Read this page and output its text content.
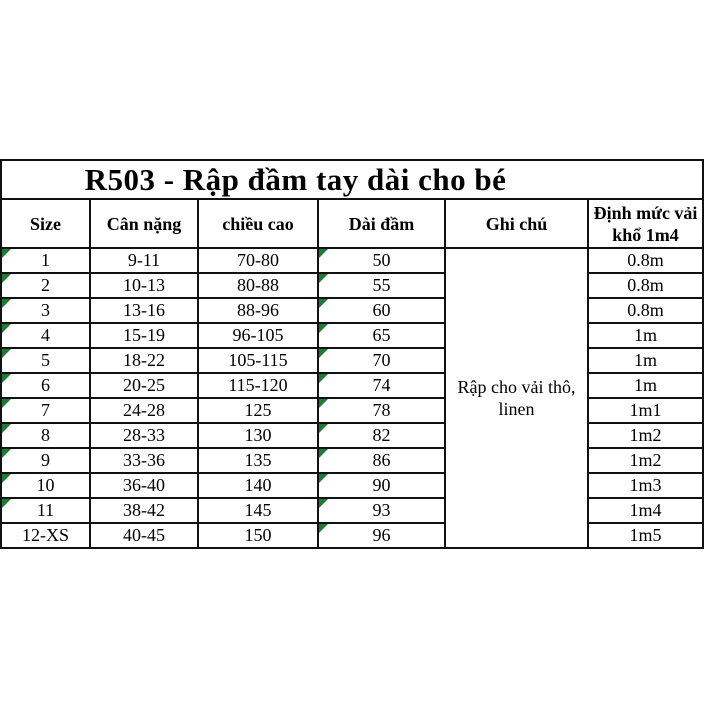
R503 - Rập đầm tay dài cho bé					

Size	Cân nặng	chiều cao	Dài đầm	Ghi chú	Định mức vải khổ 1m4

1	9-11	70-80	50	Rập cho vải thô, linen	0.8m

2	10-13	80-88	55		0.8m

3	13-16	88-96	60		0.8m

4	15-19	96-105	65		1m

5	18-22	105-115	70		1m

6	20-25	115-120	74		1m

7	24-28	125	78		1m1

8	28-33	130	82		1m2

9	33-36	135	86		1m2

10	36-40	140	90		1m3

11	38-42	145	93		1m4
12-XS	40-45	150	96		1m5
